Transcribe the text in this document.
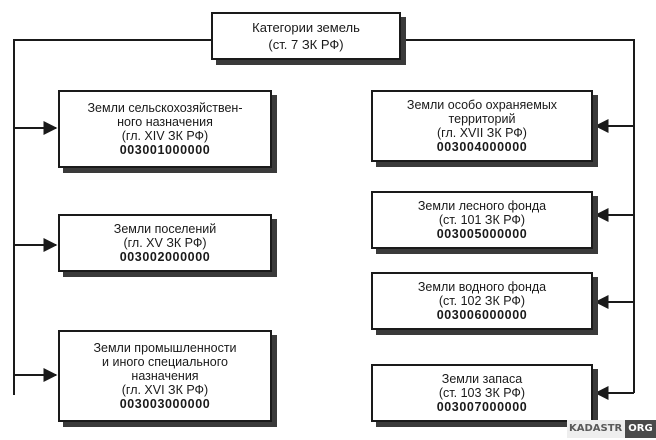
Категории земель
(ст. 7 ЗК РФ)
Земли сельскохозяйствен-
ного назначения
(гл. XIV ЗК РФ)
003001000000
Земли поселений
(гл. XV ЗК РФ)
003002000000
Земли промышленности
и иного специального
назначения
(гл. XVI ЗК РФ)
003003000000
Земли особо охраняемых
территорий
(гл. XVII ЗК РФ)
003004000000
Земли лесного фонда
(ст. 101 ЗК РФ)
003005000000
Земли водного фонда
(ст. 102 ЗК РФ)
003006000000
Земли запаса
(ст. 103 ЗК РФ)
003007000000
KADASTR ORG
